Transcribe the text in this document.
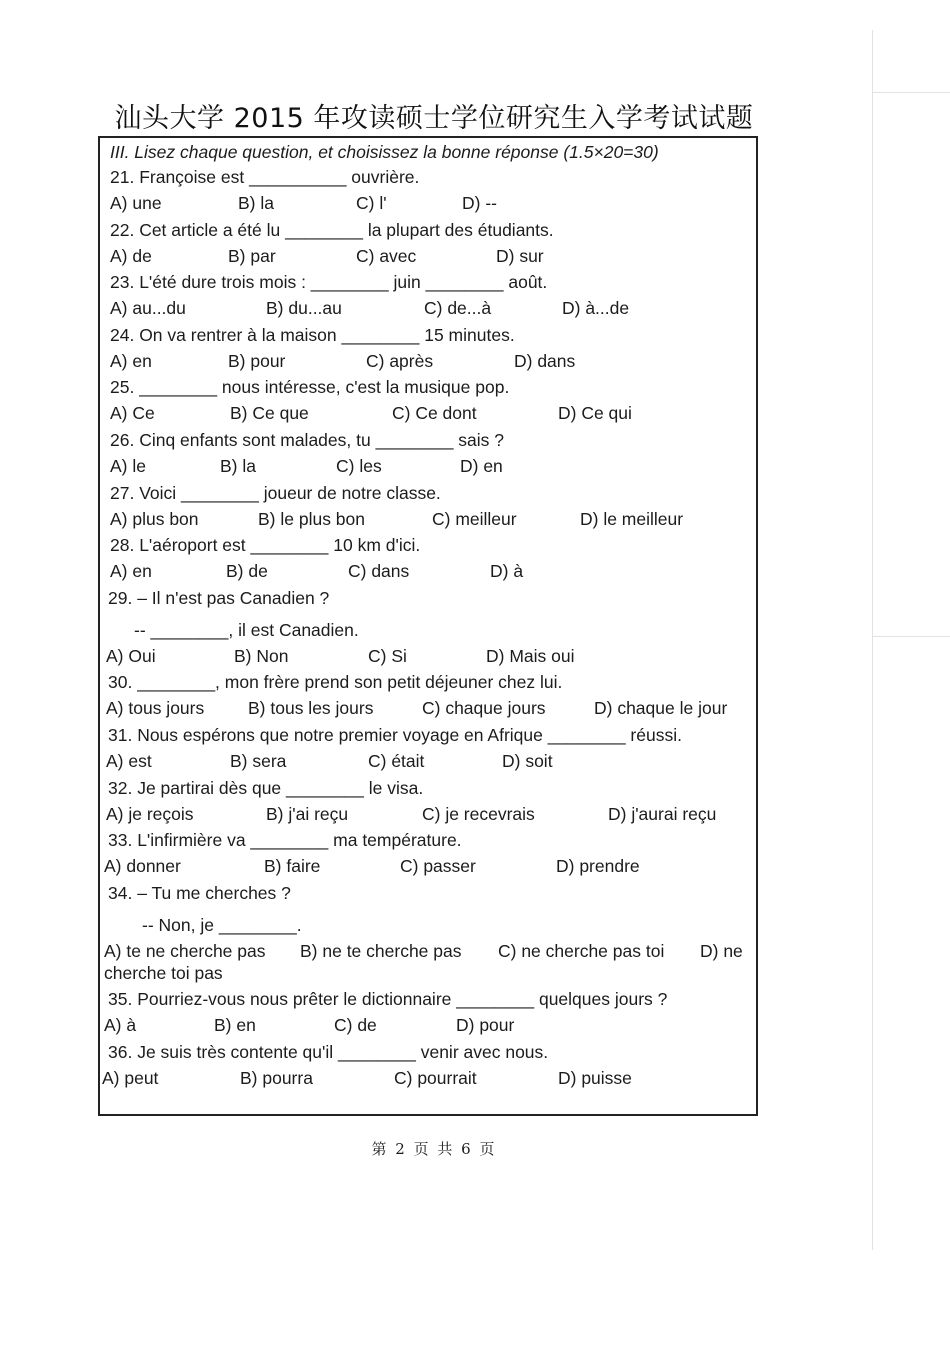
汕头大学 2015 年攻读硕士学位研究生入学考试试题
III. Lisez chaque question, et choisissez la bonne réponse (1.5×20=30)
21. Françoise est __________ ouvrière.
A) une	B) la	C) l'	D) --
22. Cet article a été lu ________ la plupart des étudiants.
A) de	B) par	C) avec	D) sur
23. L'été dure trois mois : ________ juin ________ août.
A) au...du	B) du...au	C) de...à	D) à...de
24. On va rentrer à la maison ________ 15 minutes.
A) en	B) pour	C) après	D) dans
25. ________ nous intéresse, c'est la musique pop.
A) Ce	B) Ce que	C) Ce dont	D) Ce qui
26. Cinq enfants sont malades, tu ________ sais ?
A) le	B) la	C) les	D) en
27. Voici ________ joueur de notre classe.
A) plus bon	B) le plus bon	C) meilleur	D) le meilleur
28. L'aéroport est ________ 10 km d'ici.
A) en	B) de	C) dans	D) à
29. – Il n'est pas Canadien ?
-- ________, il est Canadien.
A) Oui	B) Non	C) Si	D) Mais oui
30. ________, mon frère prend son petit déjeuner chez lui.
A) tous jours	B) tous les jours	C) chaque jours	D) chaque le jour
31. Nous espérons que notre premier voyage en Afrique ________ réussi.
A) est	B) sera	C) était	D) soit
32. Je partirai dès que ________ le visa.
A) je reçois	B) j'ai reçu	C) je recevrais	D) j'aurai reçu
33. L'infirmière va ________ ma température.
A) donner	B) faire	C) passer	D) prendre
34. – Tu me cherches ?
-- Non, je ________.
A) te ne cherche pas B) ne te cherche pas C) ne cherche pas toi D) ne
cherche toi pas
35. Pourriez-vous nous prêter le dictionnaire ________ quelques jours ?
A) à	B) en	C) de	D) pour
36. Je suis très contente qu'il ________ venir avec nous.
A) peut	B) pourra	C) pourrait	D) puisse
第 2 页 共 6 页
